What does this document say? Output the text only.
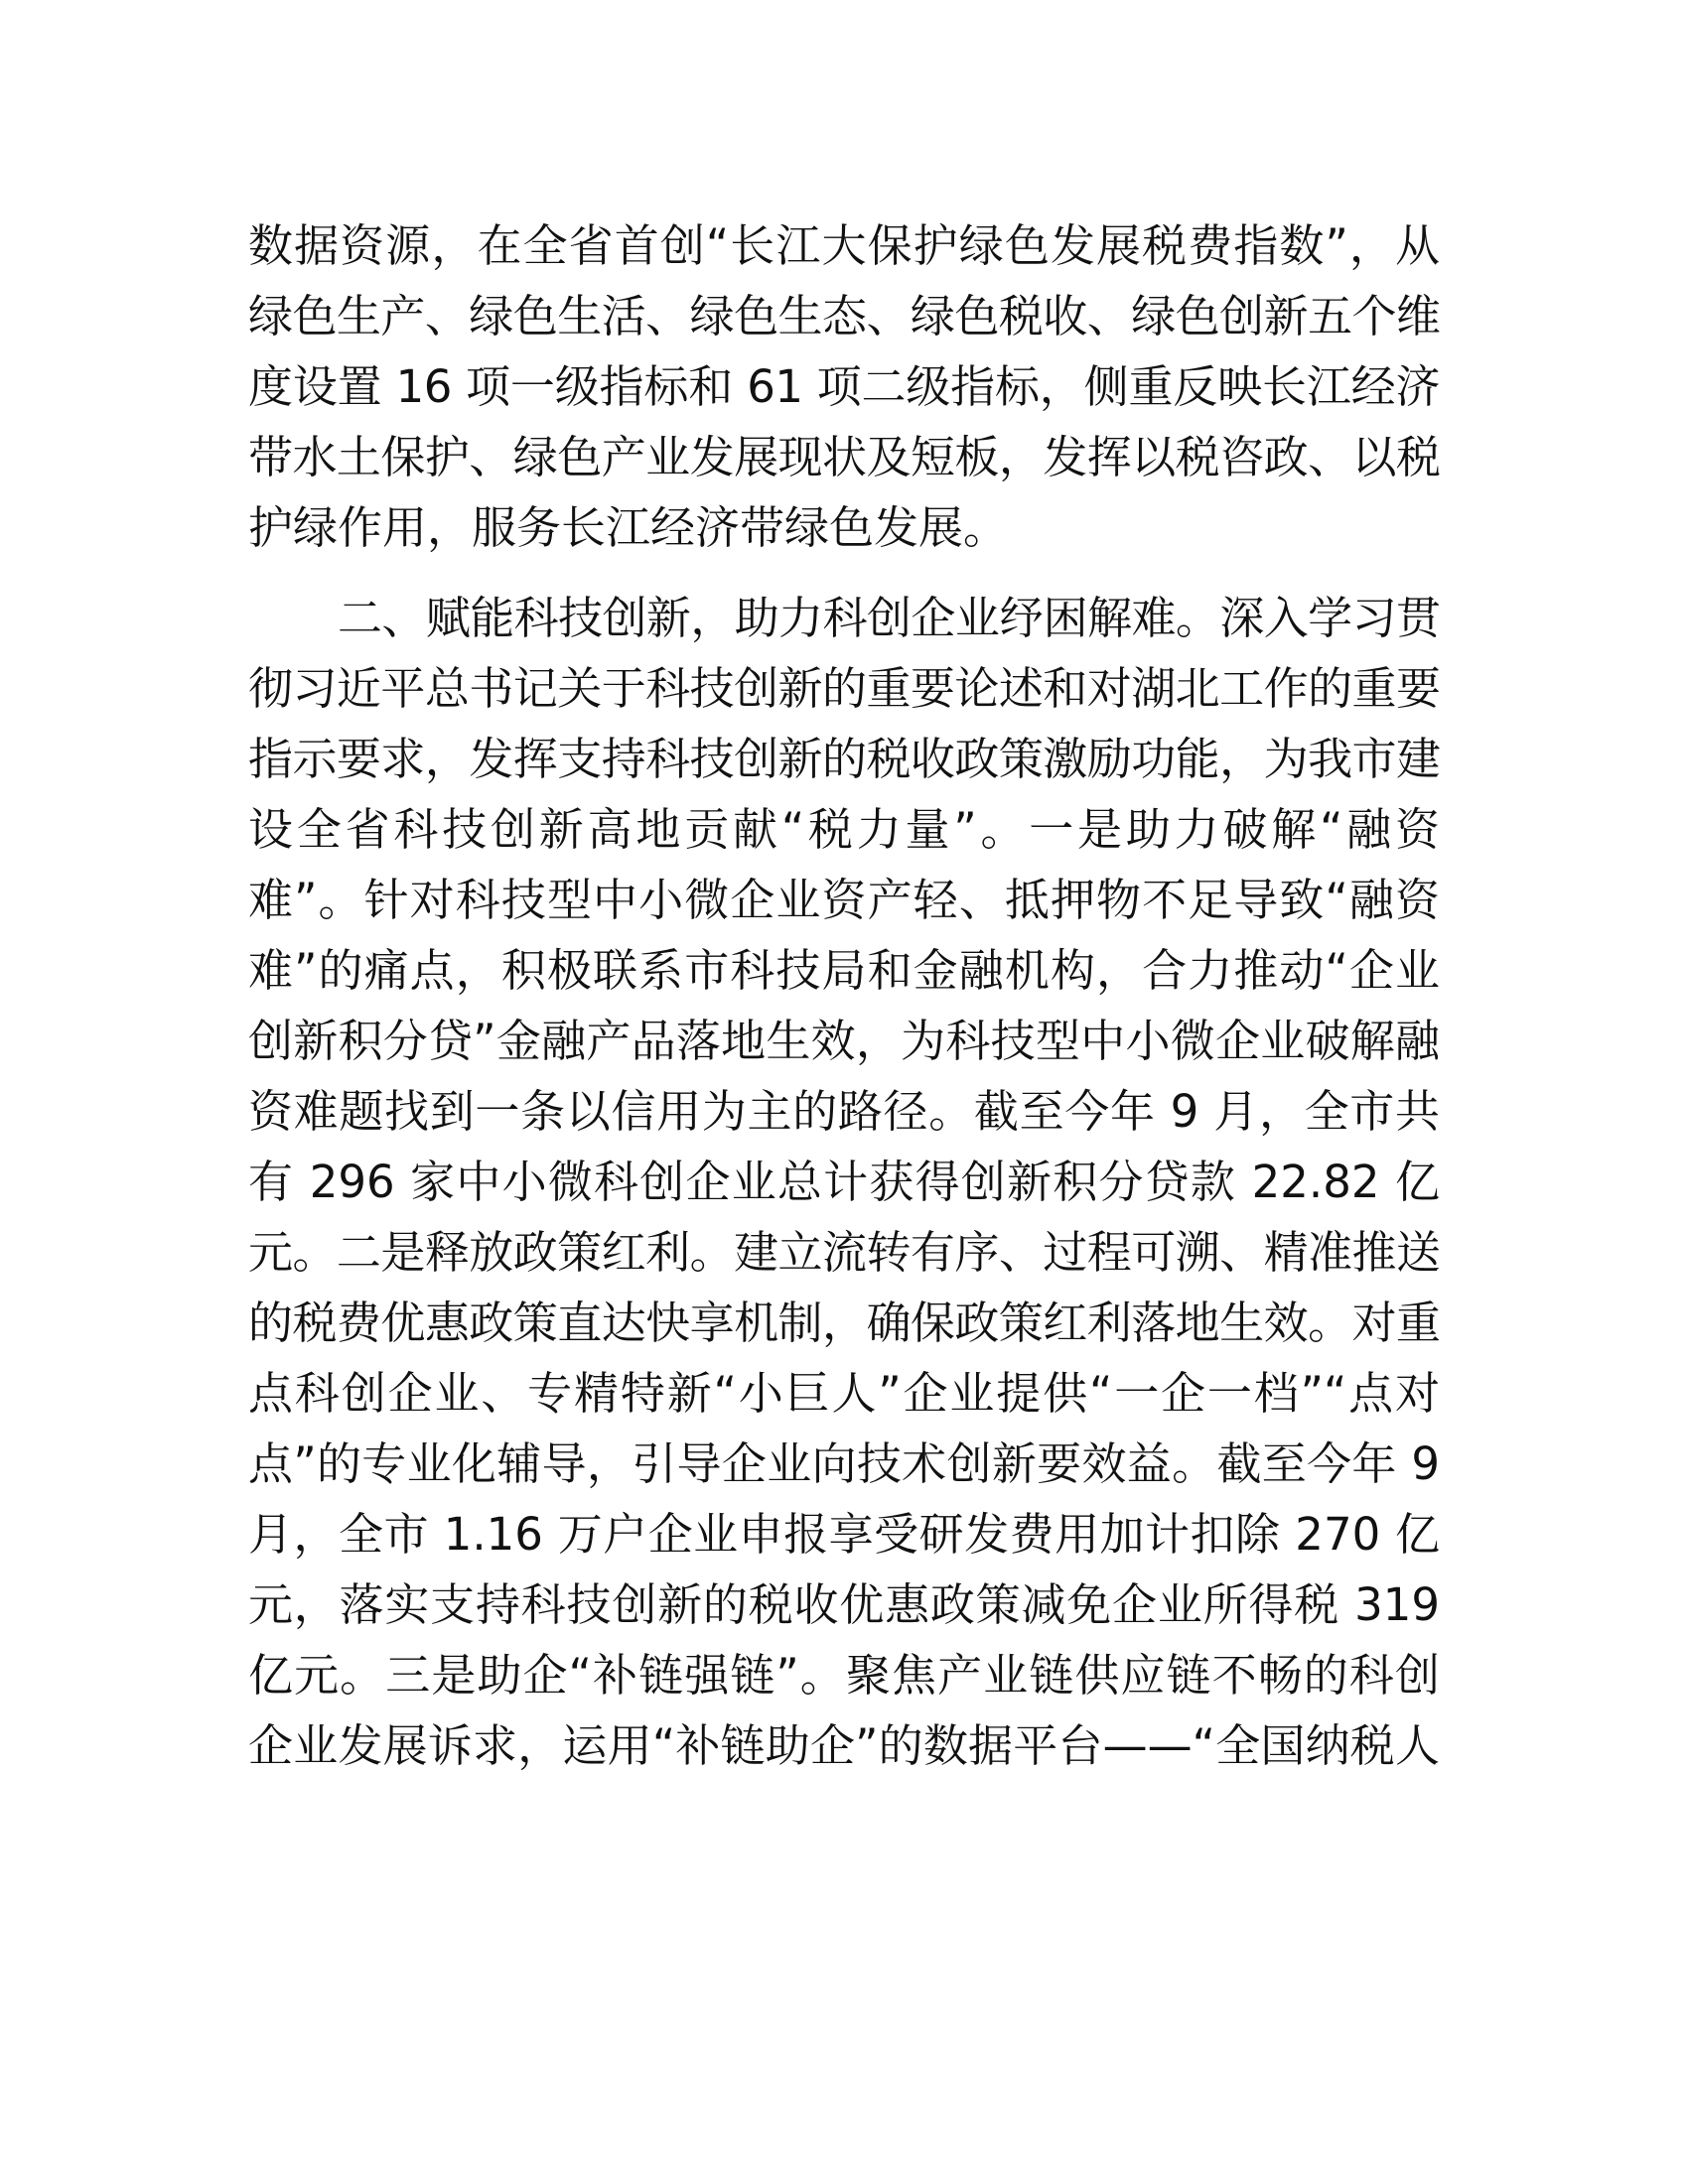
数据资源，在全省首创“长江大保护绿色发展税费指数”，从
绿色生产、绿色生活、绿色生态、绿色税收、绿色创新五个维
度设置 16 项一级指标和 61 项二级指标，侧重反映长江经济
带水土保护、绿色产业发展现状及短板，发挥以税咨政、以税
护绿作用，服务长江经济带绿色发展。
二、赋能科技创新，助力科创企业纾困解难。深入学习贯
彻习近平总书记关于科技创新的重要论述和对湖北工作的重要
指示要求，发挥支持科技创新的税收政策激励功能，为我市建
设全省科技创新高地贡献“税力量”。一是助力破解“融资
难”。针对科技型中小微企业资产轻、抵押物不足导致“融资
难”的痛点，积极联系市科技局和金融机构，合力推动“企业
创新积分贷”金融产品落地生效，为科技型中小微企业破解融
资难题找到一条以信用为主的路径。截至今年 9 月，全市共
有 296 家中小微科创企业总计获得创新积分贷款 22.82 亿
元。二是释放政策红利。建立流转有序、过程可溯、精准推送
的税费优惠政策直达快享机制，确保政策红利落地生效。对重
点科创企业、专精特新“小巨人”企业提供“一企一档”“点对
点”的专业化辅导，引导企业向技术创新要效益。截至今年 9
月，全市 1.16 万户企业申报享受研发费用加计扣除 270 亿
元，落实支持科技创新的税收优惠政策减免企业所得税 319
亿元。三是助企“补链强链”。聚焦产业链供应链不畅的科创
企业发展诉求，运用“补链助企”的数据平台——“全国纳税人
